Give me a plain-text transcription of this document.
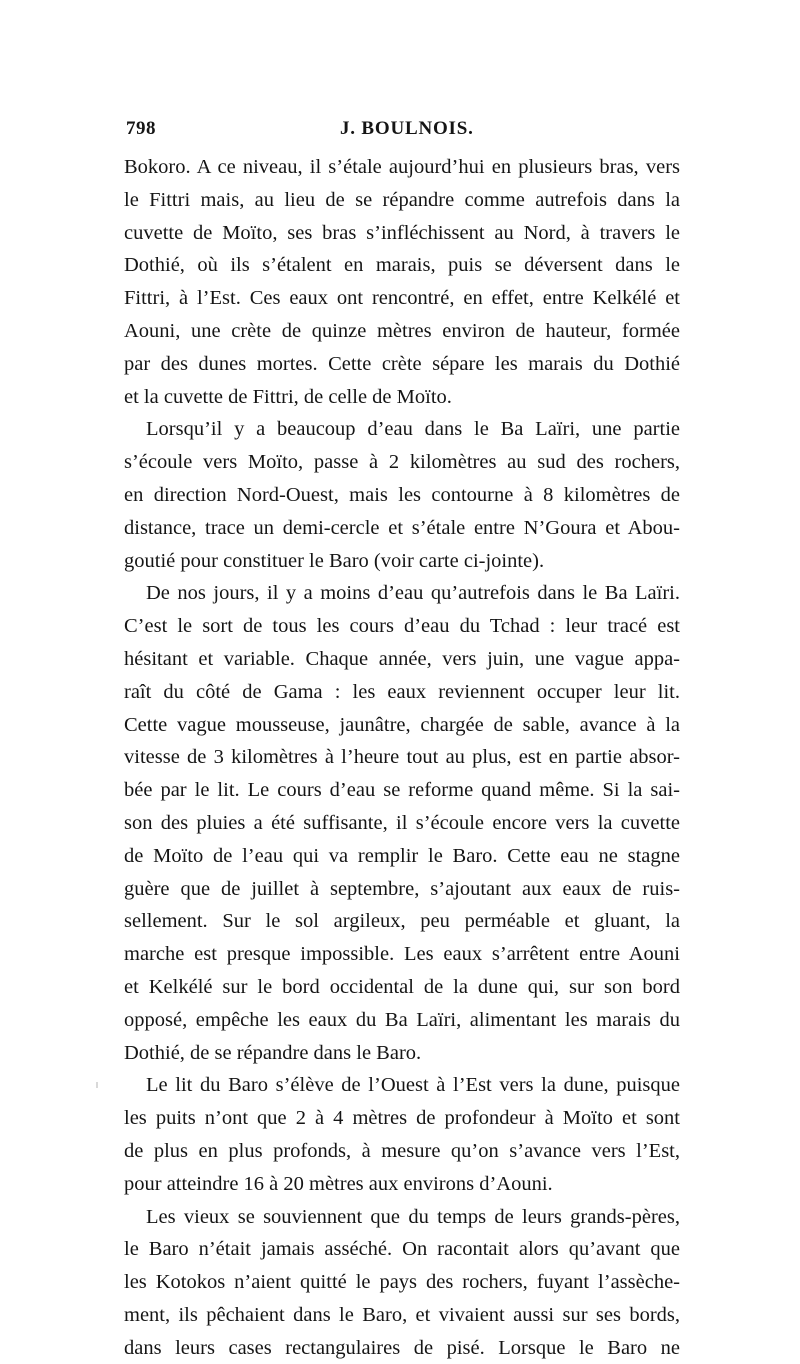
798	J. BOULNOIS.
Bokoro. A ce niveau, il s’étale aujourd’hui en plusieurs bras, vers
le Fittri mais, au lieu de se répandre comme autrefois dans la
cuvette de Moïto, ses bras s’infléchissent au Nord, à travers le
Dothié, où ils s’étalent en marais, puis se déversent dans le
Fittri, à l’Est. Ces eaux ont rencontré, en effet, entre Kelkélé et
Aouni, une crète de quinze mètres environ de hauteur, formée
par des dunes mortes. Cette crète sépare les marais du Dothié
et la cuvette de Fittri, de celle de Moïto.
Lorsqu’il y a beaucoup d’eau dans le Ba Laïri, une partie
s’écoule vers Moïto, passe à 2 kilomètres au sud des rochers,
en direction Nord-Ouest, mais les contourne à 8 kilomètres de
distance, trace un demi-cercle et s’étale entre N’Goura et Abou-
goutié pour constituer le Baro (voir carte ci-jointe).
De nos jours, il y a moins d’eau qu’autrefois dans le Ba Laïri.
C’est le sort de tous les cours d’eau du Tchad : leur tracé est
hésitant et variable. Chaque année, vers juin, une vague appa-
raît du côté de Gama : les eaux reviennent occuper leur lit.
Cette vague mousseuse, jaunâtre, chargée de sable, avance à la
vitesse de 3 kilomètres à l’heure tout au plus, est en partie absor-
bée par le lit. Le cours d’eau se reforme quand même. Si la sai-
son des pluies a été suffisante, il s’écoule encore vers la cuvette
de Moïto de l’eau qui va remplir le Baro. Cette eau ne stagne
guère que de juillet à septembre, s’ajoutant aux eaux de ruis-
sellement. Sur le sol argileux, peu perméable et gluant, la
marche est presque impossible. Les eaux s’arrêtent entre Aouni
et Kelkélé sur le bord occidental de la dune qui, sur son bord
opposé, empêche les eaux du Ba Laïri, alimentant les marais du
Dothié, de se répandre dans le Baro.
Le lit du Baro s’élève de l’Ouest à l’Est vers la dune, puisque
les puits n’ont que 2 à 4 mètres de profondeur à Moïto et sont
de plus en plus profonds, à mesure qu’on s’avance vers l’Est,
pour atteindre 16 à 20 mètres aux environs d’Aouni.
Les vieux se souviennent que du temps de leurs grands-pères,
le Baro n’était jamais asséché. On racontait alors qu’avant que
les Kotokos n’aient quitté le pays des rochers, fuyant l’assèche-
ment, ils pêchaient dans le Baro, et vivaient aussi sur ses bords,
dans leurs cases rectangulaires de pisé. Lorsque le Baro ne
